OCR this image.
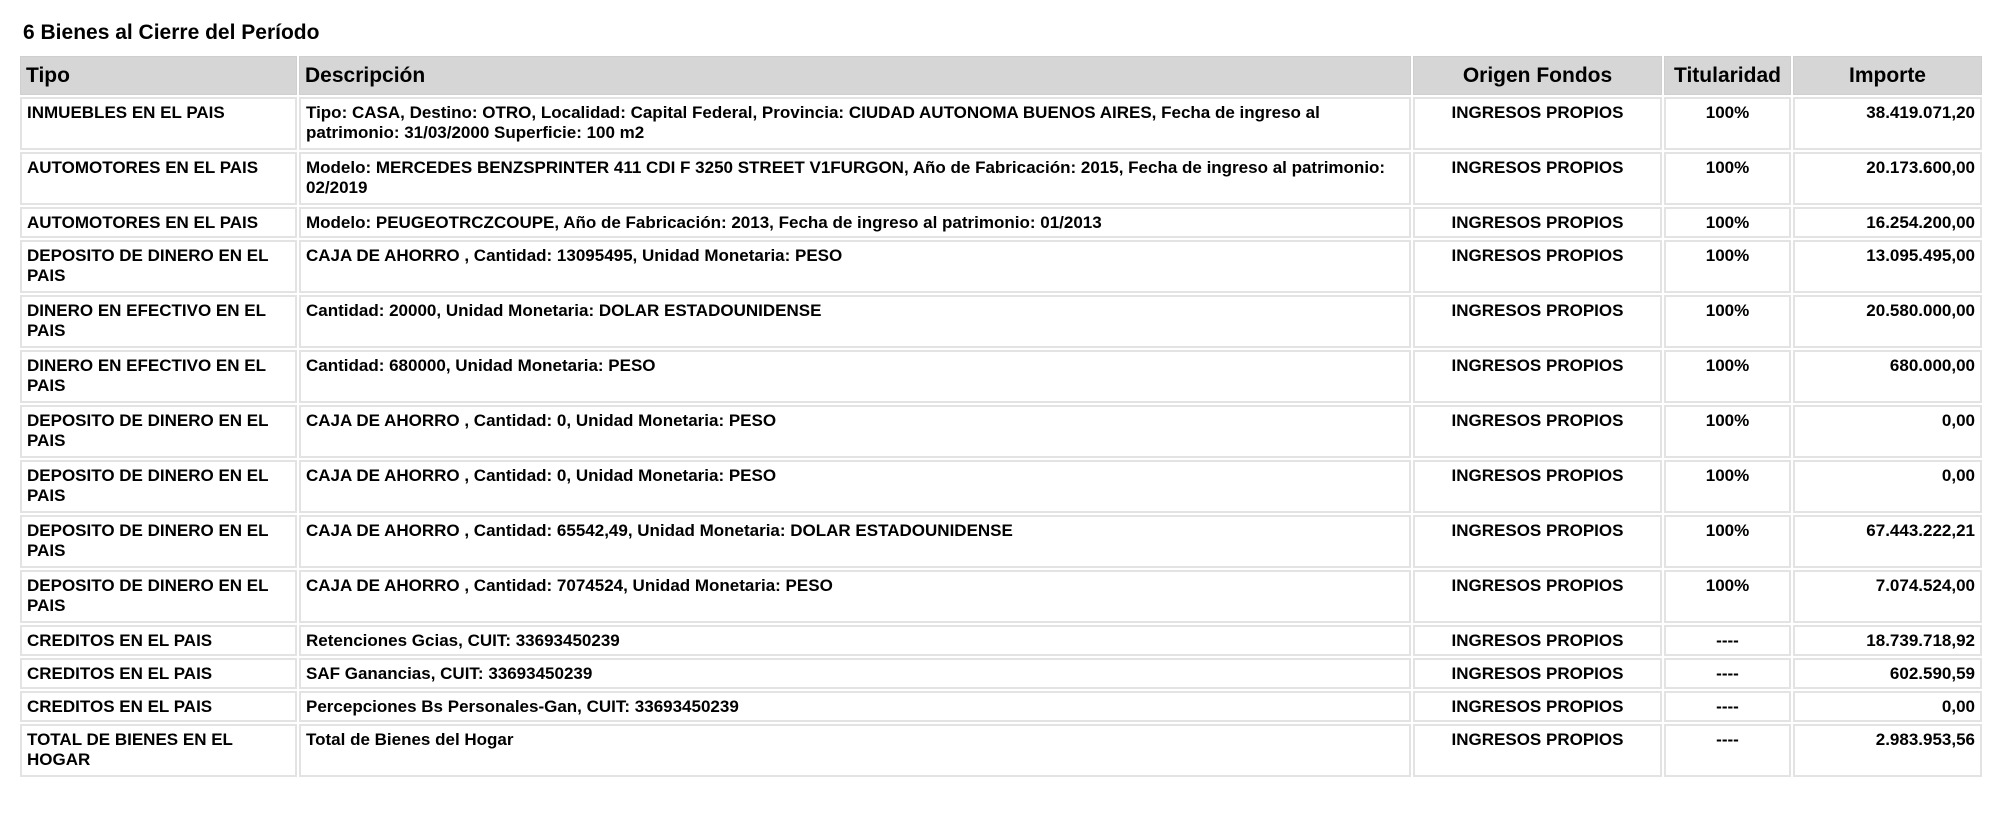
6 Bienes al Cierre del Período
Tipo	Descripción	Origen Fondos	Titularidad	Importe
INMUEBLES EN EL PAIS	Tipo: CASA, Destino: OTRO, Localidad: Capital Federal, Provincia: CIUDAD AUTONOMA BUENOS AIRES, Fecha de ingreso al patrimonio: 31/03/2000 Superficie: 100 m2	INGRESOS PROPIOS	100%	38.419.071,20
AUTOMOTORES EN EL PAIS	Modelo: MERCEDES BENZSPRINTER 411 CDI F 3250 STREET V1FURGON, Año de Fabricación: 2015, Fecha de ingreso al patrimonio: 02/2019	INGRESOS PROPIOS	100%	20.173.600,00
AUTOMOTORES EN EL PAIS	Modelo: PEUGEOTRCZCOUPE, Año de Fabricación: 2013, Fecha de ingreso al patrimonio: 01/2013	INGRESOS PROPIOS	100%	16.254.200,00
DEPOSITO DE DINERO EN EL PAIS	CAJA DE AHORRO , Cantidad: 13095495, Unidad Monetaria: PESO	INGRESOS PROPIOS	100%	13.095.495,00
DINERO EN EFECTIVO EN EL PAIS	Cantidad: 20000, Unidad Monetaria: DOLAR ESTADOUNIDENSE	INGRESOS PROPIOS	100%	20.580.000,00
DINERO EN EFECTIVO EN EL PAIS	Cantidad: 680000, Unidad Monetaria: PESO	INGRESOS PROPIOS	100%	680.000,00
DEPOSITO DE DINERO EN EL PAIS	CAJA DE AHORRO , Cantidad: 0, Unidad Monetaria: PESO	INGRESOS PROPIOS	100%	0,00
DEPOSITO DE DINERO EN EL PAIS	CAJA DE AHORRO , Cantidad: 0, Unidad Monetaria: PESO	INGRESOS PROPIOS	100%	0,00
DEPOSITO DE DINERO EN EL PAIS	CAJA DE AHORRO , Cantidad: 65542,49, Unidad Monetaria: DOLAR ESTADOUNIDENSE	INGRESOS PROPIOS	100%	67.443.222,21
DEPOSITO DE DINERO EN EL PAIS	CAJA DE AHORRO , Cantidad: 7074524, Unidad Monetaria: PESO	INGRESOS PROPIOS	100%	7.074.524,00
CREDITOS EN EL PAIS	Retenciones Gcias, CUIT: 33693450239	INGRESOS PROPIOS	----	18.739.718,92
CREDITOS EN EL PAIS	SAF Ganancias, CUIT: 33693450239	INGRESOS PROPIOS	----	602.590,59
CREDITOS EN EL PAIS	Percepciones Bs Personales-Gan, CUIT: 33693450239	INGRESOS PROPIOS	----	0,00
TOTAL DE BIENES EN EL HOGAR	Total de Bienes del Hogar	INGRESOS PROPIOS	----	2.983.953,56
